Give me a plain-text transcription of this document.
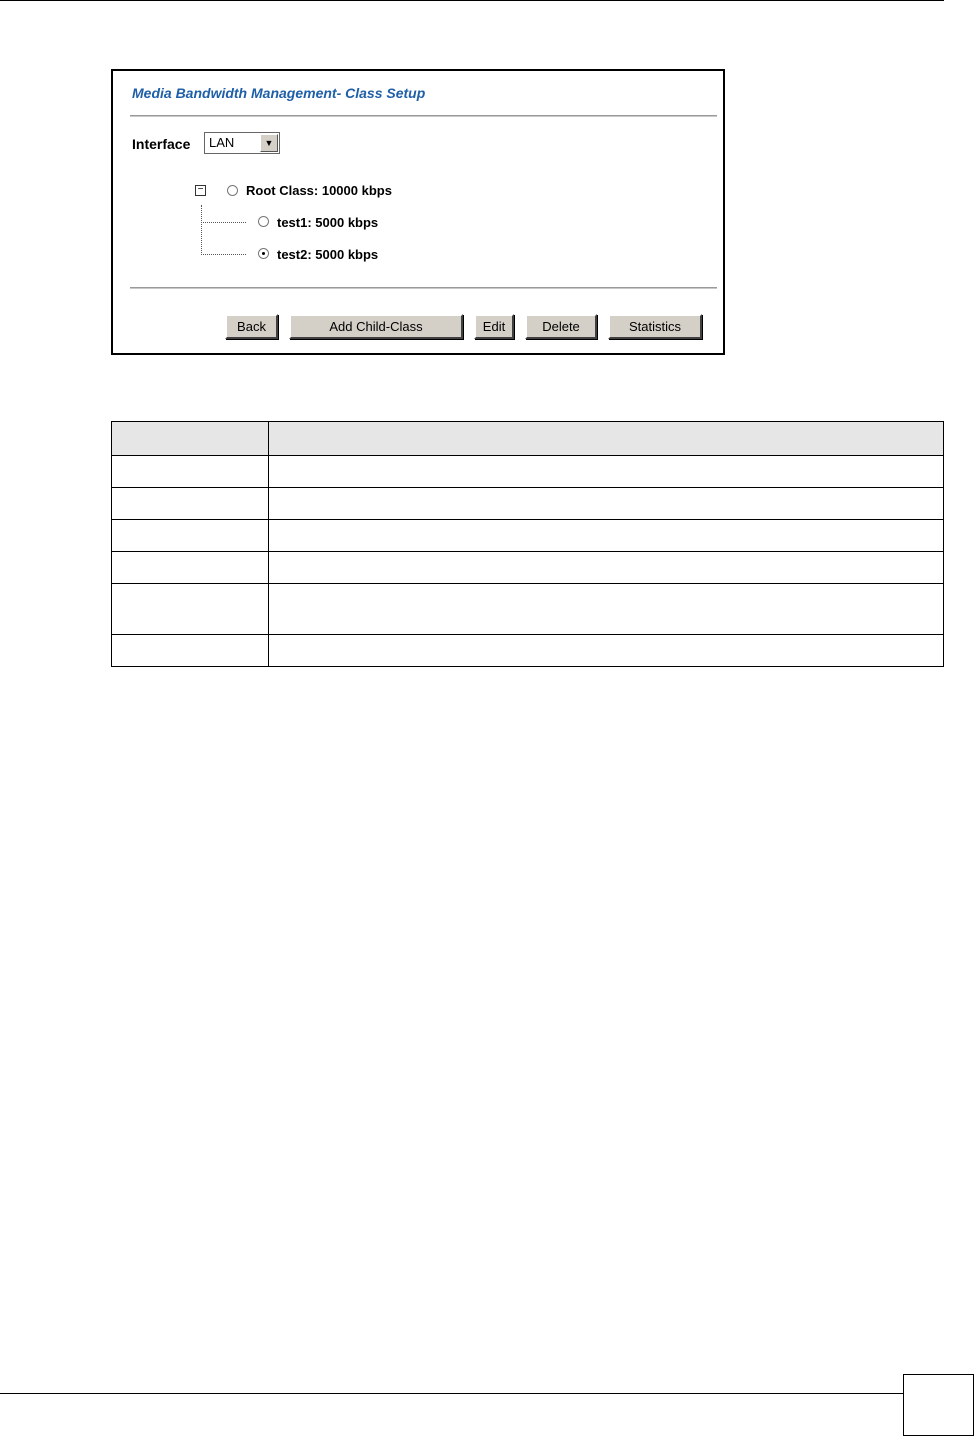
Media Bandwidth Management- Class Setup
Interface LAN	▼
−	Root Class: 10000 kbps
test1: 5000 kbps
test2: 5000 kbps
Back	Add Child-Class	Edit	Delete	Statistics
